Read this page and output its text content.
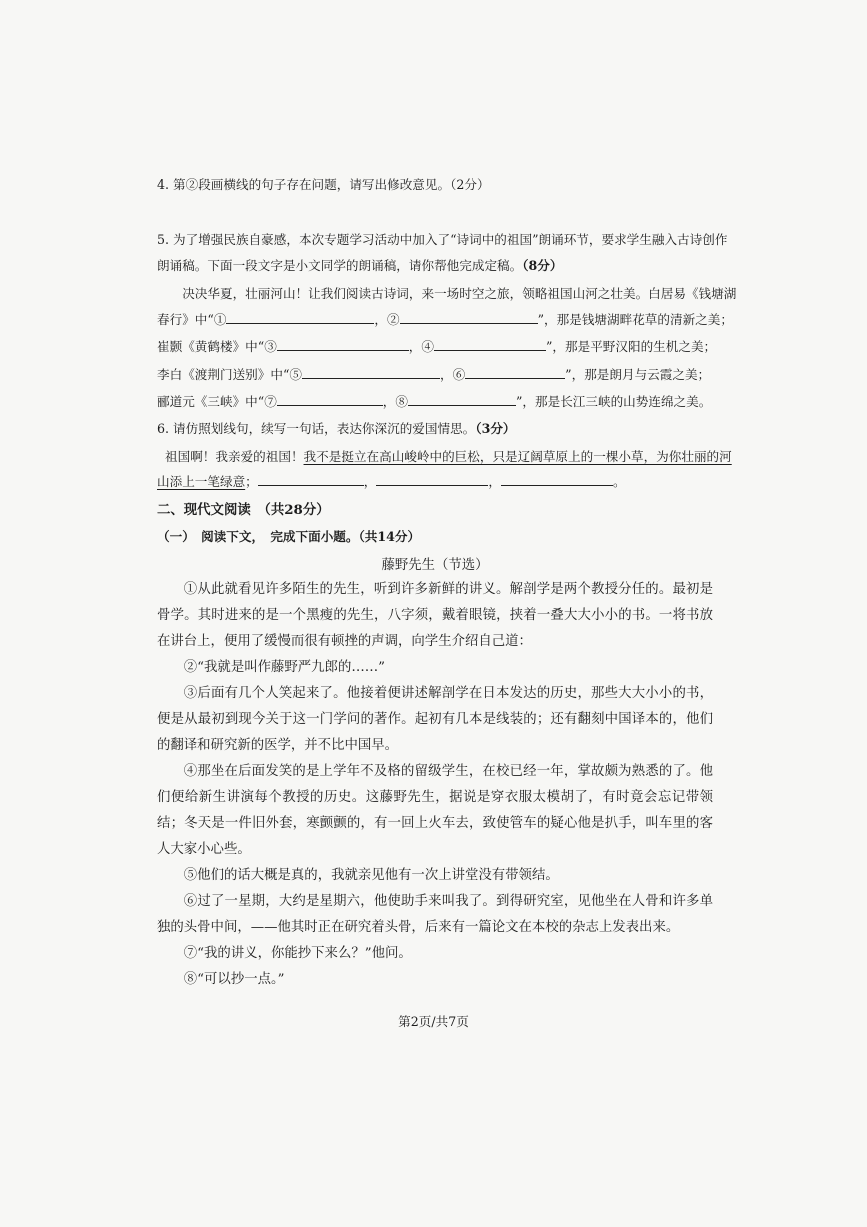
4. 第②段画横线的句子存在问题，请写出修改意见。（2分）
5. 为了增强民族自豪感，本次专题学习活动中加入了“诗词中的祖国”朗诵环节，要求学生融入古诗创作
朗诵稿。下面一段文字是小文同学的朗诵稿，请你帮他完成定稿。（8分）
决决华夏，壮丽河山！让我们阅读古诗词，来一场时空之旅，领略祖国山河之壮美。白居易《钱塘湖
春行》中“①	，②	”，那是钱塘湖畔花草的清新之美；
崔颢《黄鹤楼》中“③	，④	”，那是平野汉阳的生机之美；
李白《渡荆门送别》中“⑤	，⑥	”，那是朗月与云霞之美；
郦道元《三峡》中“⑦	，⑧	”，那是长江三峡的山势连绵之美。
6. 请仿照划线句，续写一句话，表达你深沉的爱国情思。（3分）
祖国啊！我亲爱的祖国！我不是挺立在高山峻岭中的巨松，只是辽阔草原上的一棵小草，为你壮丽的河
山添上一笔绿意；	，	，	。
二、现代文阅读　（共28分）
（一）　阅读下文，　完成下面小题。（共14分）
藤野先生（节选）
①从此就看见许多陌生的先生，听到许多新鲜的讲义。解剖学是两个教授分任的。最初是骨学。其时进来的是一个黑瘦的先生，八字须，戴着眼镜，挟着一叠大大小小的书。一将书放在讲台上，便用了缓慢而很有顿挫的声调，向学生介绍自己道：
②“我就是叫作藤野严九郎的……”
③后面有几个人笑起来了。他接着便讲述解剖学在日本发达的历史，那些大大小小的书，便是从最初到现今关于这一门学问的著作。起初有几本是线装的；还有翻刻中国译本的，他们的翻译和研究新的医学，并不比中国早。
④那坐在后面发笑的是上学年不及格的留级学生，在校已经一年，掌故颇为熟悉的了。他们便给新生讲演每个教授的历史。这藤野先生，据说是穿衣服太模胡了，有时竟会忘记带领结；冬天是一件旧外套，寒颤颤的，有一回上火车去，致使管车的疑心他是扒手，叫车里的客人大家小心些。
⑤他们的话大概是真的，我就亲见他有一次上讲堂没有带领结。
⑥过了一星期，大约是星期六，他使助手来叫我了。到得研究室，见他坐在人骨和许多单独的头骨中间，——他其时正在研究着头骨，后来有一篇论文在本校的杂志上发表出来。
⑦“我的讲义，你能抄下来么？”他问。
⑧“可以抄一点。”
第2页/共7页
